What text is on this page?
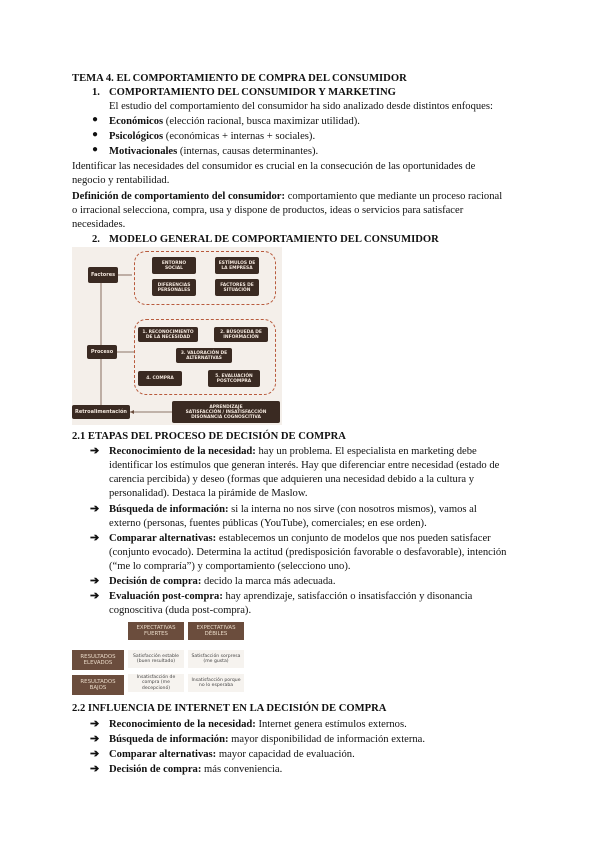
TEMA 4. EL COMPORTAMIENTO DE COMPRA DEL CONSUMIDOR
1. COMPORTAMIENTO DEL CONSUMIDOR Y MARKETING
El estudio del comportamiento del consumidor ha sido analizado desde distintos enfoques:
● Económicos (elección racional, busca maximizar utilidad).
● Psicológicos (económicas + internas + sociales).
● Motivacionales (internas, causas determinantes).
Identificar las necesidades del consumidor es crucial en la consecución de las oportunidades de
negocio y rentabilidad.
Definición de comportamiento del consumidor: comportamiento que mediante un proceso racional
o irracional selecciona, compra, usa y dispone de productos, ideas o servicios para satisfacer
necesidades.
2. MODELO GENERAL DE COMPORTAMIENTO DEL CONSUMIDOR
Factores
ENTORNO SOCIAL
ESTÍMULOS DE LA EMPRESA
DIFERENCIAS PERSONALES
FACTORES DE SITUACIÓN
Proceso
1. RECONOCIMIENTO DE LA NECESIDAD
2. BÚSQUEDA DE INFORMACIÓN
3. VALORACIÓN DE ALTERNATIVAS
4. COMPRA	5. EVALUACIÓN POSTCOMPRA
Retroalimentación
APRENDIZAJE
SATISFACCIÓN / INSATISFACCIÓN
DISONANCIA COGNOSCITIVA
2.1 ETAPAS DEL PROCESO DE DECISIÓN DE COMPRA
➔ Reconocimiento de la necesidad: hay un problema. El especialista en marketing debe
identificar los estímulos que generan interés. Hay que diferenciar entre necesidad (estado de
carencia percibida) y deseo (formas que adquieren una necesidad debido a la cultura y
personalidad). Destaca la pirámide de Maslow.
➔ Búsqueda de información: si la interna no nos sirve (con nosotros mismos), vamos al
externo (personas, fuentes públicas (YouTube), comerciales; en ese orden).
➔ Comparar alternativas: establecemos un conjunto de modelos que nos pueden satisfacer
(conjunto evocado). Determina la actitud (predisposición favorable o desfavorable), intención
(“me lo compraría”) y comportamiento (selecciono uno).
➔ Decisión de compra: decido la marca más adecuada.
➔ Evaluación post-compra: hay aprendizaje, satisfacción o insatisfacción y disonancia
cognoscitiva (duda post-compra).
EXPECTATIVAS FUERTES
EXPECTATIVAS DÉBILES
RESULTADOS ELEVADOS
Satisfacción estable (buen resultado)
Satisfacción sorpresa (me gusta)
RESULTADOS BAJOS
Insatisfacción de compra (me decepcionó)
Insatisfacción porque no lo esperaba
2.2 INFLUENCIA DE INTERNET EN LA DECISIÓN DE COMPRA
➔ Reconocimiento de la necesidad: Internet genera estímulos externos.
➔ Búsqueda de información: mayor disponibilidad de información externa.
➔ Comparar alternativas: mayor capacidad de evaluación.
➔ Decisión de compra: más conveniencia.
